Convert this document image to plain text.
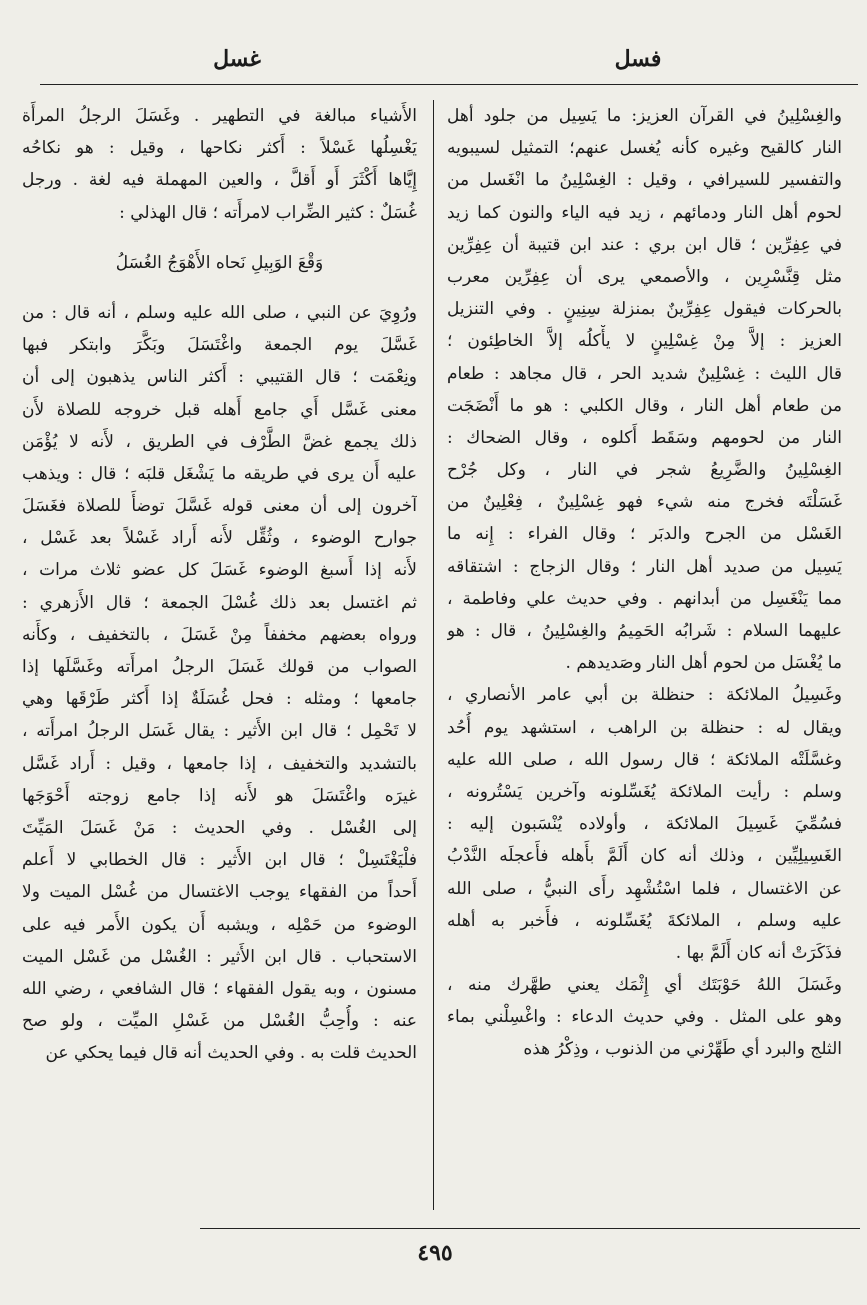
فسل
غسل
والغِسْلِينُ في القرآن العزيز: ما يَسِيل من جلود أهل
النار كالقيح وغيره كأنه يُغسل عنهم؛ التمثيل لسيبويه
والتفسير للسيرافي ، وقيل : الغِسْلِينُ ما انْغَسل من
لحوم أهل النار ودمائهم ، زيد فيه الياء والنون كما زيد
في عِفِرِّين ؛ قال ابن بري : عند ابن قتيبة أن عِفِرِّين
مثل قِنَّسْرِين ، والأصمعي يرى أن عِفِرِّين معرب
بالحركات فيقول عِفِرِّينٌ بمنزلة سِنِينٍ . وفي التنزيل
العزيز : إلاَّ مِنْ غِسْلِينٍ لا يأْكلُه إلاَّ الخاطِئون ؛
قال الليث : غِسْلِينٌ شديد الحر ، قال مجاهد : طعام
من طعام أهل النار ، وقال الكلبي : هو ما أَنْضَجَت
النار من لحومهم وسَقَط أَكلوه ، وقال الضحاك :
الغِسْلِينُ والضَّرِيعُ شجر في النار ، وكل جُرْح
غَسَلْتَه فخرج منه شيء فهو غِسْلِينٌ ، فِعْلِينٌ من
الغَسْل من الجرح والدبَر ؛ وقال الفراء : إِنه ما
يَسِيل من صديد أهل النار ؛ وقال الزجاج : اشتقاقه
مما يَنْغَسِل من أبدانهم . وفي حديث علي وفاطمة ،
عليهما السلام : شَرابُه الحَمِيمُ والغِسْلِينُ ، قال : هو
ما يُغْسَل من لحوم أهل النار وصَديدهم .
وغَسِيلُ الملائكة : حنظلة بن أبي عامر الأنصاري ،
ويقال له : حنظلة بن الراهب ، استشهد يوم أُحُد
وغسَّلَتْه الملائكة ؛ قال رسول الله ، صلى الله عليه
وسلم : رأيت الملائكة يُغَسِّلونه وآخرين يَسْتُرونه ،
فسُمِّيَ غَسِيلَ الملائكة ، وأولاده يُنْسَبون إليه :
الغَسِيلِيِّين ، وذلك أنه كان أَلَمَّ بأَهله فأَعجلَه النَّدْبُ
عن الاغتسال ، فلما اسْتُشْهِد رأَى النبيُّ ، صلى الله
عليه وسلم ، الملائكةَ يُغَسِّلونه ، فأَخبر به أهله
فذَكَرَتْ أنه كان أَلَمَّ بها .
وغَسَلَ اللهُ حَوْبَتَك أي إِثْمَك يعني طهَّرك منه ،
وهو على المثل . وفي حديث الدعاء : واغْسِلْني بماء
الثلج والبرد أي طَهِّرْني من الذنوب ، وذِكْرُ هذه
الأَشياء مبالغة في التطهير . وغَسَلَ الرجلُ المرأَة
يَغْسِلُها غَسْلاً : أَكثر نكاحها ، وقيل : هو نكاحُه
إِيَّاها أَكْثَرَ أَو أَقلَّ ، والعين المهملة فيه لغة . ورجل
غُسَلٌ : كثير الضِّراب لامرأَته ؛ قال الهذلي :
وَقْعَ الوَبِيلِ نَحاه الأَهْوَجُ الغُسَلُ
ورُوِيَ عن النبي ، صلى الله عليه وسلم ، أنه قال : من
غَسَّلَ يوم الجمعة واغْتَسَلَ وبَكَّرَ وابتكر فبها
ونِعْمَت ؛ قال القتيبي : أَكثر الناس يذهبون إلى أن
معنى غَسَّل أَي جامع أَهله قبل خروجه للصلاة لأَن
ذلك يجمع غضَّ الطَّرْف في الطريق ، لأَنه لا يُؤْمَن
عليه أَن يرى في طريقه ما يَشْغَل قلبَه ؛ قال : ويذهب
آخرون إلى أن معنى قوله غَسَّلَ توضأَ للصلاة فغَسَلَ
جوارح الوضوء ، وثُقِّل لأَنه أَراد غَسْلاً بعد غَسْل ،
لأَنه إذا أَسبغ الوضوء غَسَلَ كل عضو ثلاث مرات ،
ثم اغتسل بعد ذلك غُسْلَ الجمعة ؛ قال الأَزهري :
ورواه بعضهم مخففاً مِنْ غَسَلَ ، بالتخفيف ، وكأَنه
الصواب من قولك غَسَلَ الرجلُ امرأَته وغَسَّلَها إذا
جامعها ؛ ومثله : فحل غُسَلَةٌ إذا أَكثر طَرْقَها وهي
لا تَحْمِل ؛ قال ابن الأَثير : يقال غَسَل الرجلُ امرأَته ،
بالتشديد والتخفيف ، إذا جامعها ، وقيل : أَراد غَسَّل
غيرَه واغْتَسَلَ هو لأَنه إذا جامع زوجته أَحْوَجَها
إلى الغُسْل . وفي الحديث : مَنْ غَسَلَ المَيِّتَ
فلْيَغْتَسِلْ ؛ قال ابن الأَثير : قال الخطابي لا أَعلم
أَحداً من الفقهاء يوجب الاغتسال من غُسْل الميت ولا
الوضوء من حَمْلِه ، ويشبه أَن يكون الأَمر فيه على
الاستحباب . قال ابن الأَثير : الغُسْل من غَسْل الميت
مسنون ، وبه يقول الفقهاء ؛ قال الشافعي ، رضي الله
عنه : وأُحِبُّ الغُسْل من غَسْلِ الميِّت ، ولو صح
الحديث قلت به . وفي الحديث أنه قال فيما يحكي عن
٤٩٥
